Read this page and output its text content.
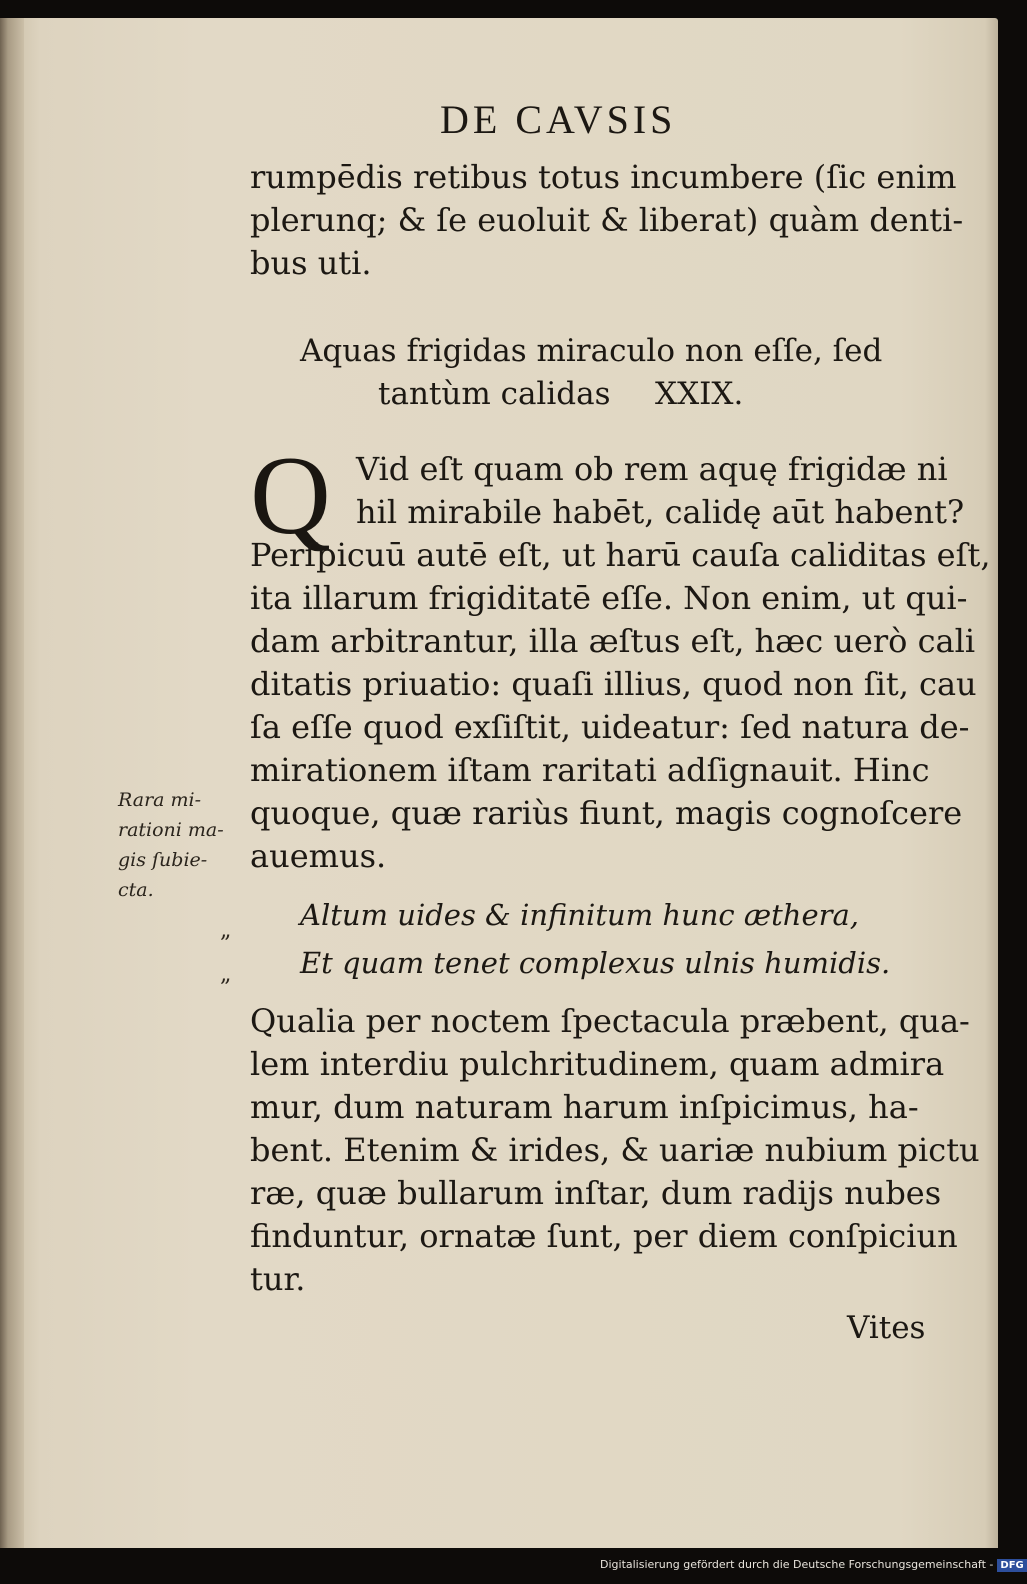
DE CAVSIS
rumpēdis retibus totus incumbere (ſic enim
plerunq; & ſe euoluit & liberat) quàm denti-
bus uti.
Aquas frigidas miraculo non eſſe, ſed
tantùm calidas XXIX.
Q Vid eſt quam ob rem aquę frigidæ ni
hil mirabile habēt, calidę aūt habent?
Perſpicuū autē eſt, ut harū cauſa caliditas eſt,
ita illarum frigiditatē eſſe. Non enim, ut qui-
dam arbitrantur, illa æſtus eſt, hæc uerò cali
ditatis priuatio: quaſi illius, quod non ſit, cau
ſa eſſe quod exſiſtit, uideatur: ſed natura de-
mirationem iſtam raritati adſignauit. Hinc
quoque, quæ rariùs fiunt, magis cognoſcere
auemus.
Rara mi-
rationi ma-
gis ſubie-
cta.
„
„
Altum uides & infinitum hunc æthera,
Et quam tenet complexus ulnis humidis.
Qualia per noctem ſpectacula præbent, qua-
lem interdiu pulchritudinem, quam admira
mur, dum naturam harum inſpicimus, ha-
bent. Etenim & irides, & uariæ nubium pictu
ræ, quæ bullarum inſtar, dum radijs nubes
finduntur, ornatæ ſunt, per diem conſpiciun
tur.
Vites
Digitalisierung gefördert durch die Deutsche Forschungsgemeinschaft - DFG
